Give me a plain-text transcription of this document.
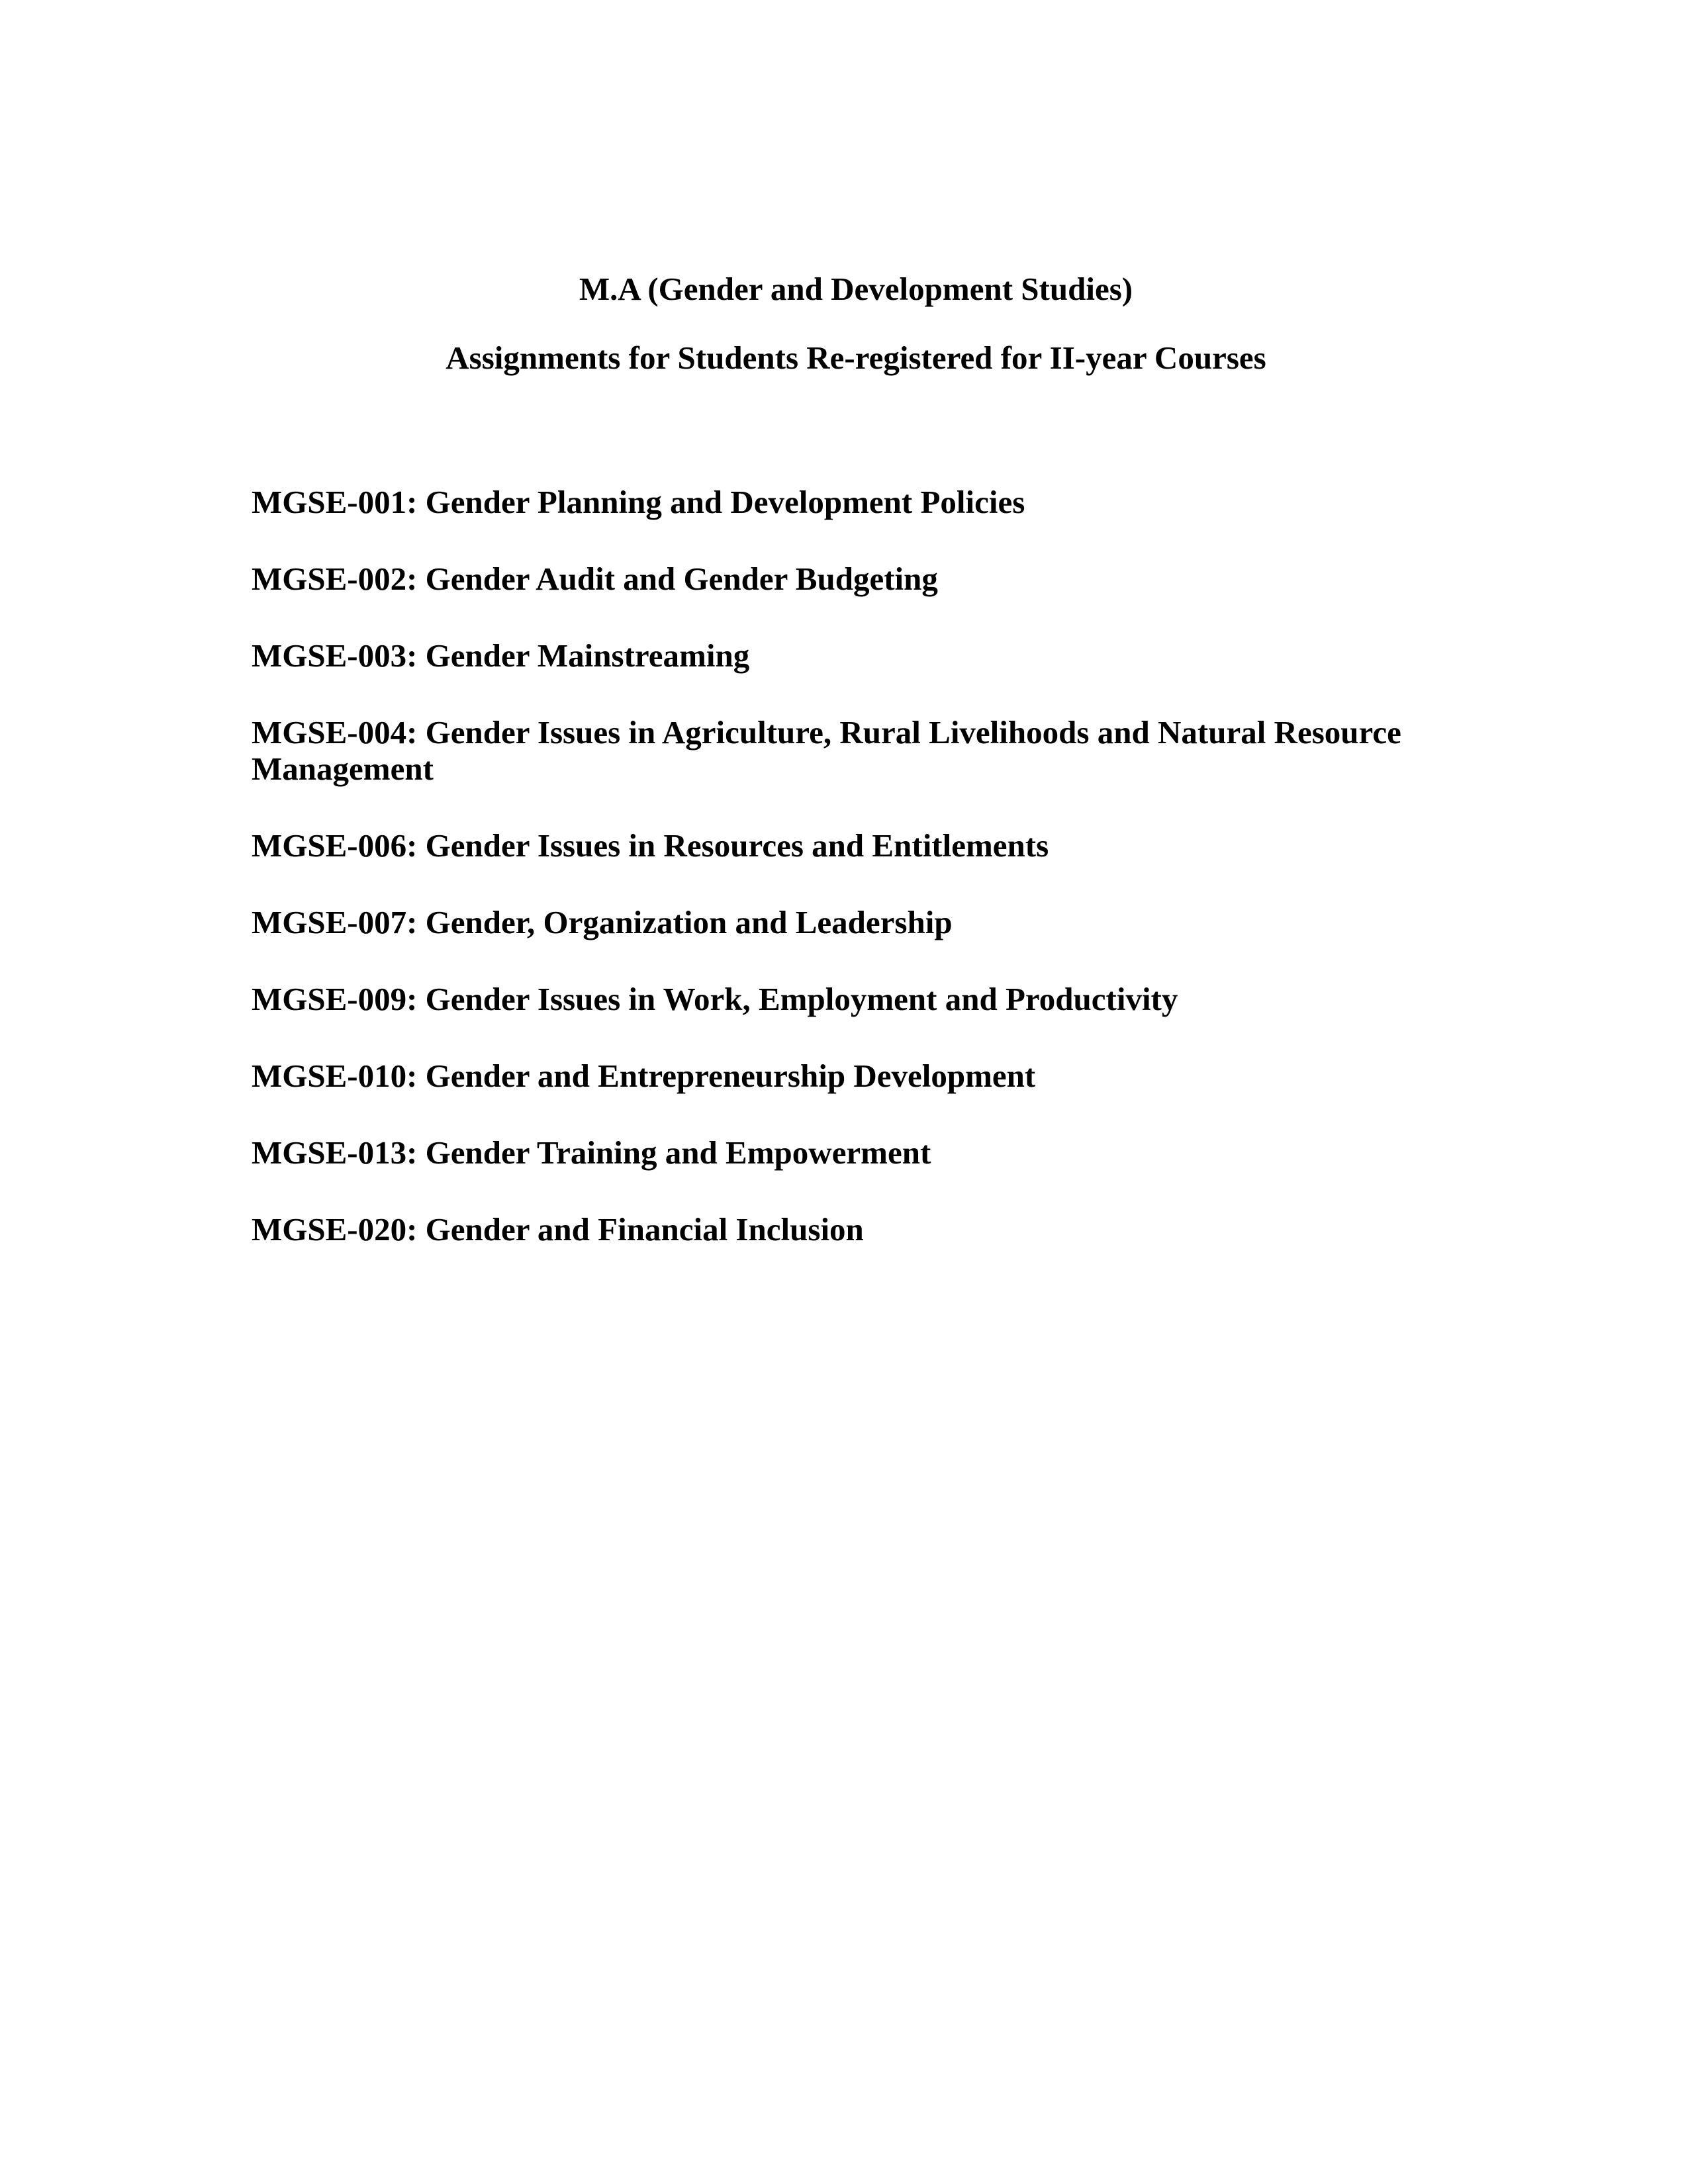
M.A (Gender and Development Studies)
Assignments for Students Re-registered for II-year Courses

MGSE-001: Gender Planning and Development Policies

MGSE-002: Gender Audit and Gender Budgeting

MGSE-003: Gender Mainstreaming

MGSE-004: Gender Issues in Agriculture, Rural Livelihoods and Natural Resource Management

MGSE-006: Gender Issues in Resources and Entitlements

MGSE-007: Gender, Organization and Leadership

MGSE-009: Gender Issues in Work, Employment and Productivity

MGSE-010: Gender and Entrepreneurship Development

MGSE-013: Gender Training and Empowerment

MGSE-020: Gender and Financial Inclusion
